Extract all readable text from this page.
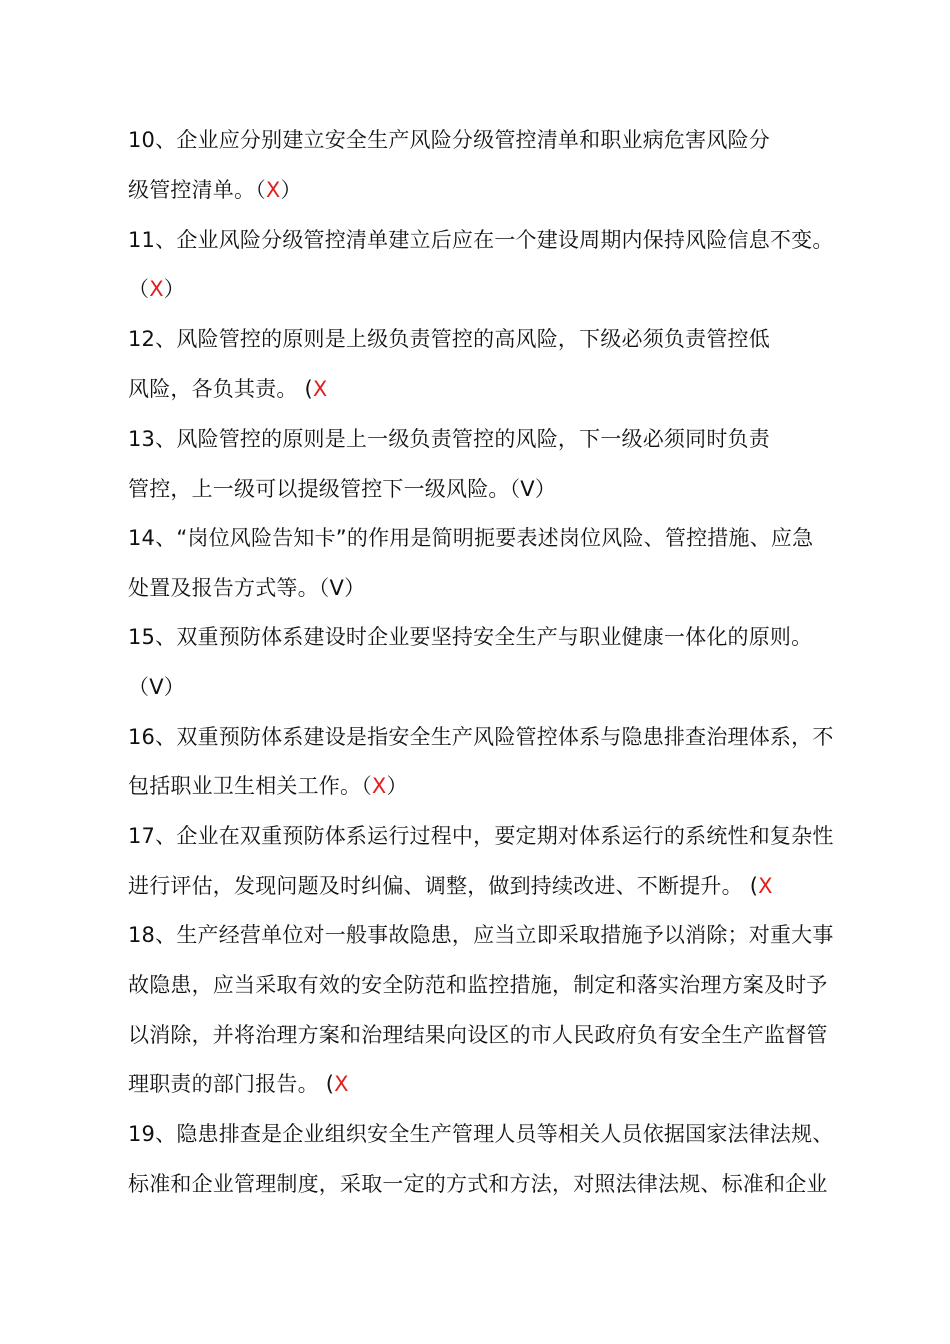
10、企业应分别建立安全生产风险分级管控清单和职业病危害风险分
级管控清单。（X）
11、企业风险分级管控清单建立后应在一个建设周期内保持风险信息不变。
（X）
12、风险管控的原则是上级负责管控的高风险，下级必须负责管控低
风险，各负其责。 (X
13、风险管控的原则是上一级负责管控的风险，下一级必须同时负责
管控，上一级可以提级管控下一级风险。（V）
14、“岗位风险告知卡”的作用是简明扼要表述岗位风险、管控措施、应急
处置及报告方式等。（V）
15、双重预防体系建设时企业要坚持安全生产与职业健康一体化的原则。
（V）
16、双重预防体系建设是指安全生产风险管控体系与隐患排查治理体系，不
包括职业卫生相关工作。（X）
17、企业在双重预防体系运行过程中，要定期对体系运行的系统性和复杂性
进行评估，发现问题及时纠偏、调整，做到持续改进、不断提升。 (X
18、生产经营单位对一般事故隐患，应当立即采取措施予以消除；对重大事
故隐患，应当采取有效的安全防范和监控措施，制定和落实治理方案及时予
以消除，并将治理方案和治理结果向设区的市人民政府负有安全生产监督管
理职责的部门报告。 (X
19、隐患排查是企业组织安全生产管理人员等相关人员依据国家法律法规、
标准和企业管理制度，采取一定的方式和方法，对照法律法规、标准和企业
